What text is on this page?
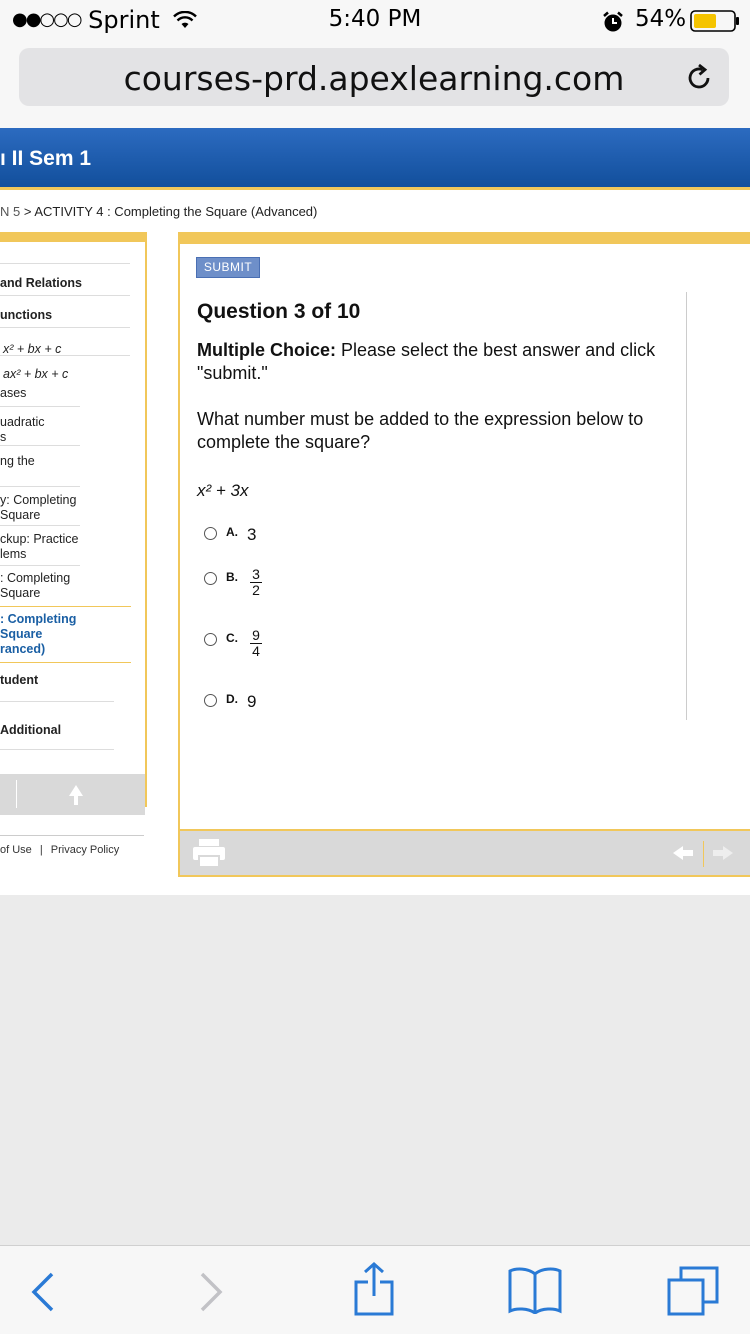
●●○○○ Sprint	5:40 PM	54%
courses-prd.apexlearning.com
ı II Sem 1
N 5 > ACTIVITY 4 : Completing the Square (Advanced)
and Relations
unctions
x² + bx + c
ax² + bx + c
ases
uadratic
s
ng the
y: Completing
Square
ckup: Practice
lems
: Completing
Square
: Completing
Square
ranced)
tudent
Additional
of Use | Privacy Policy
SUBMIT
Question 3 of 10
Multiple Choice: Please select the best answer and click "submit."
What number must be added to the expression below to complete the square?
x² + 3x
A. 3
B. $\frac{3}{2}$
C. $\frac{9}{4}$
D. 9
